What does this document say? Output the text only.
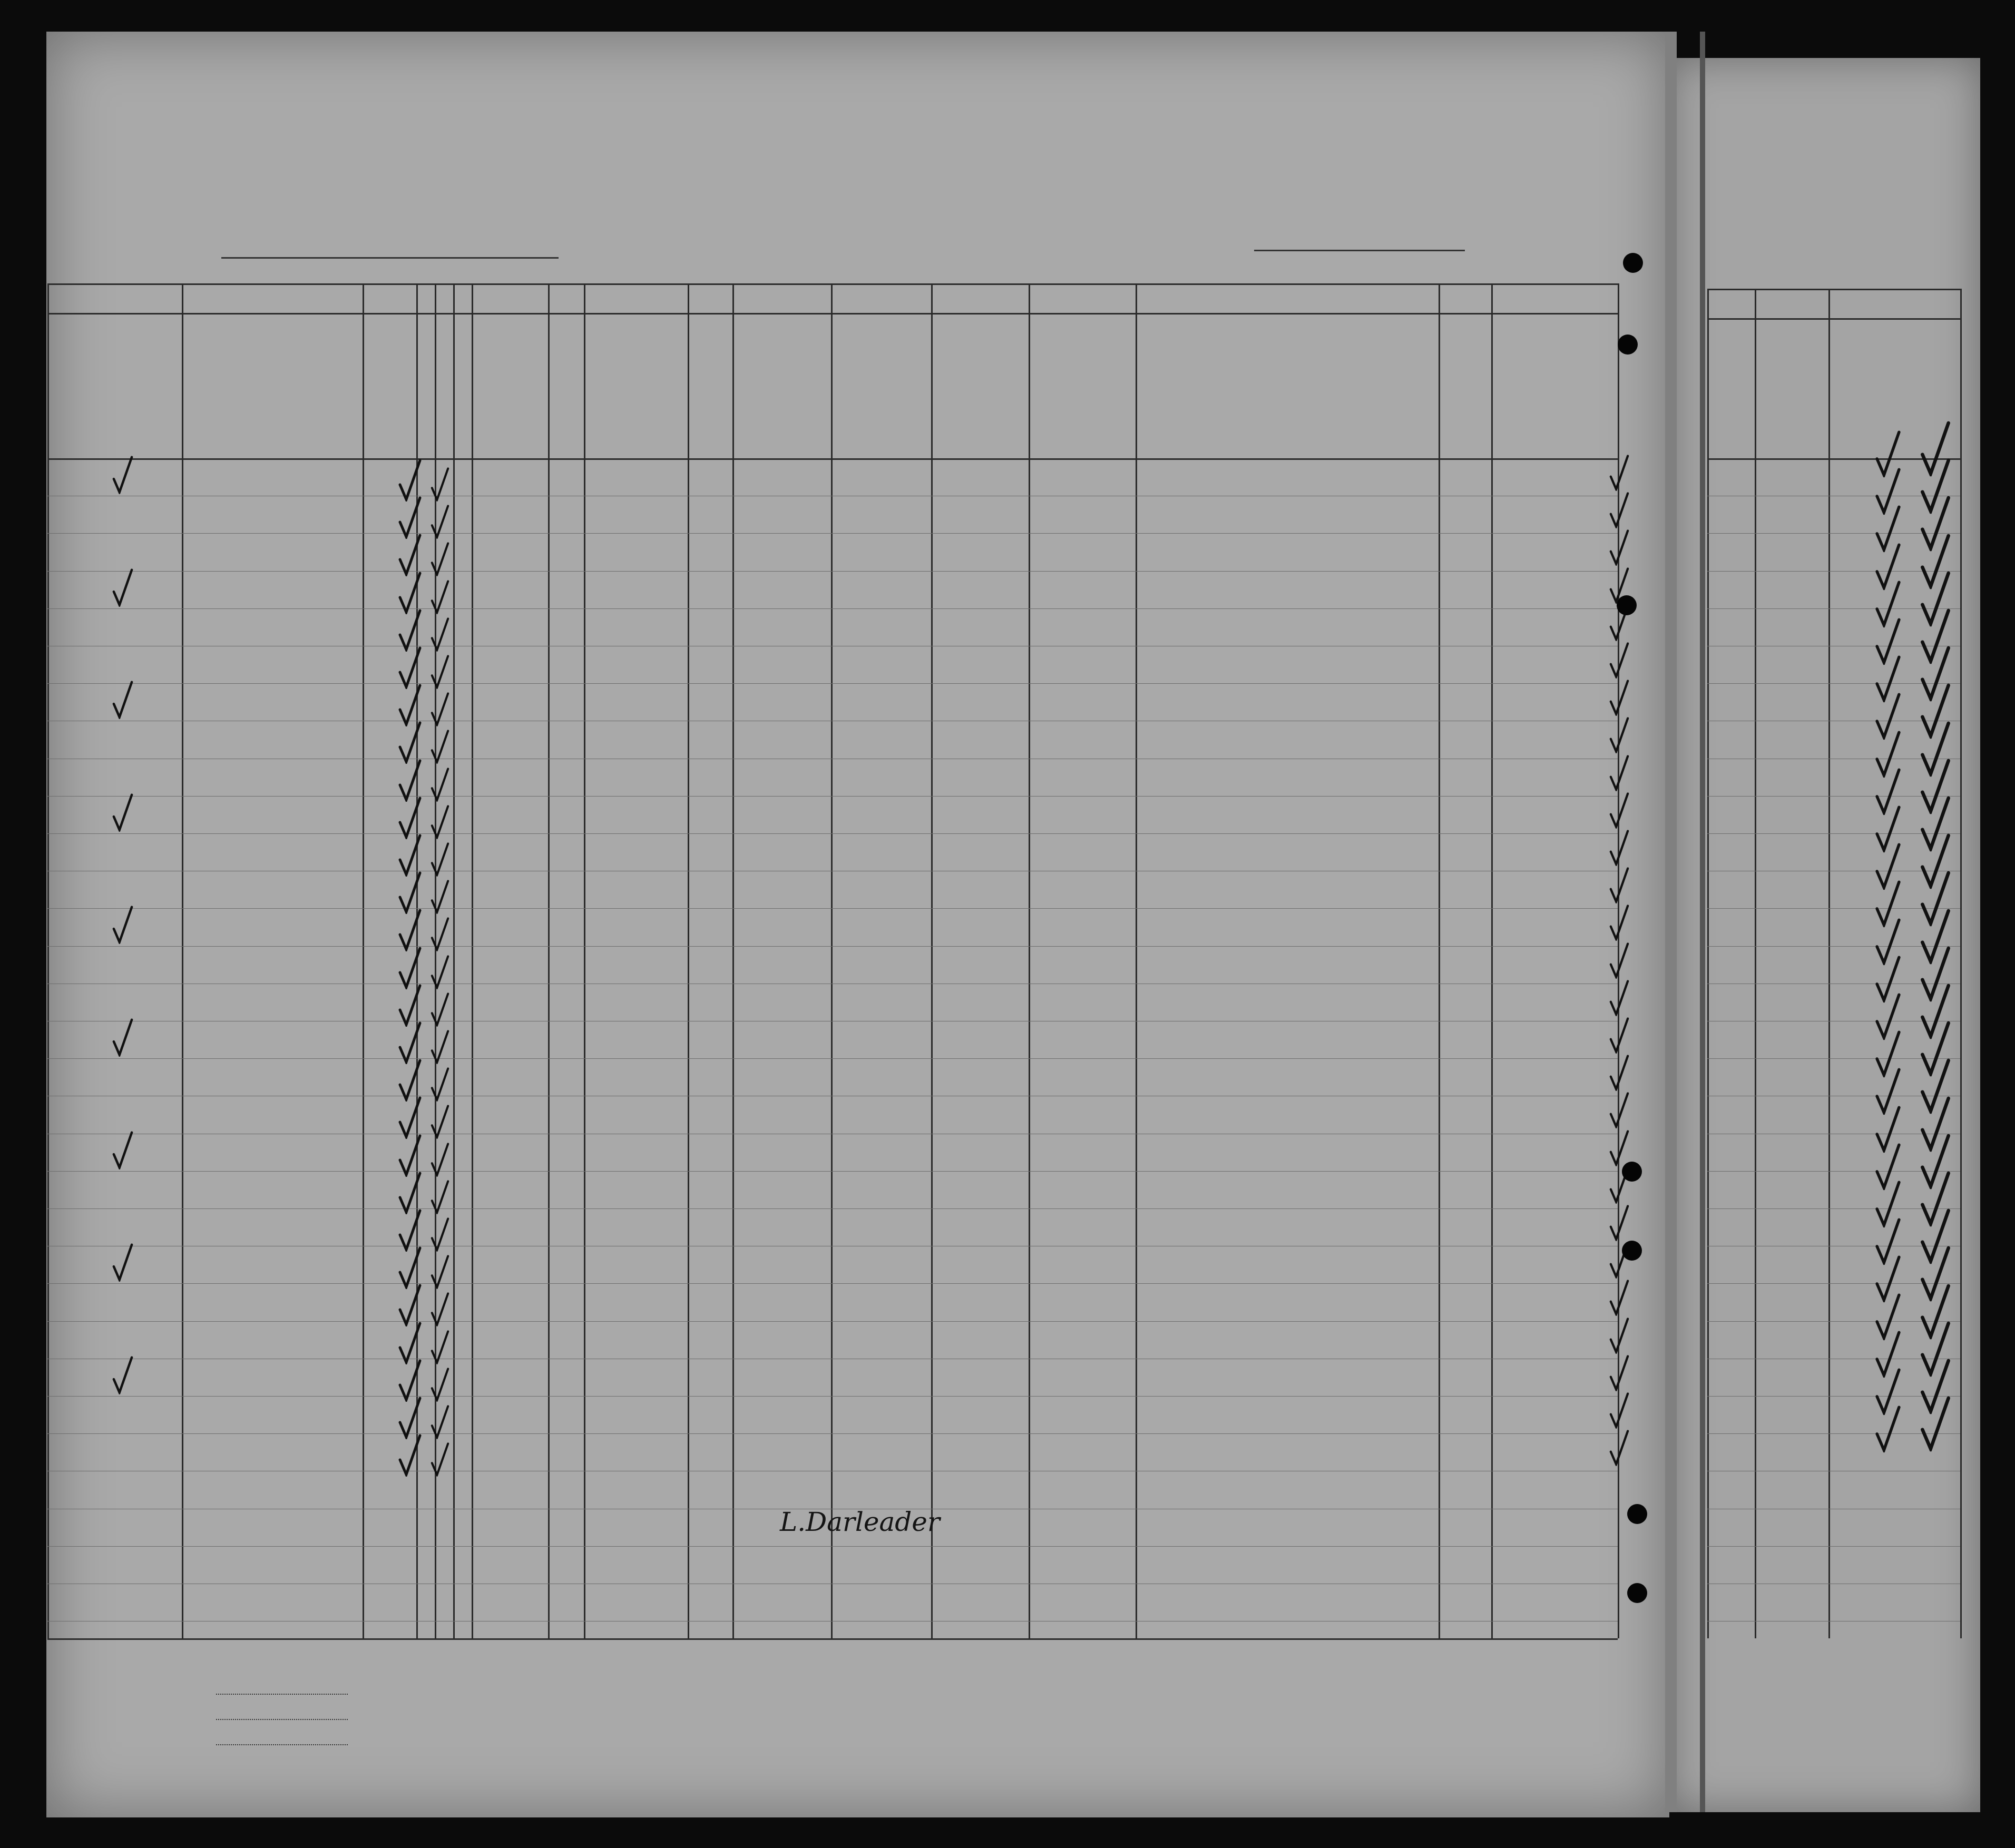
L.Darleader
